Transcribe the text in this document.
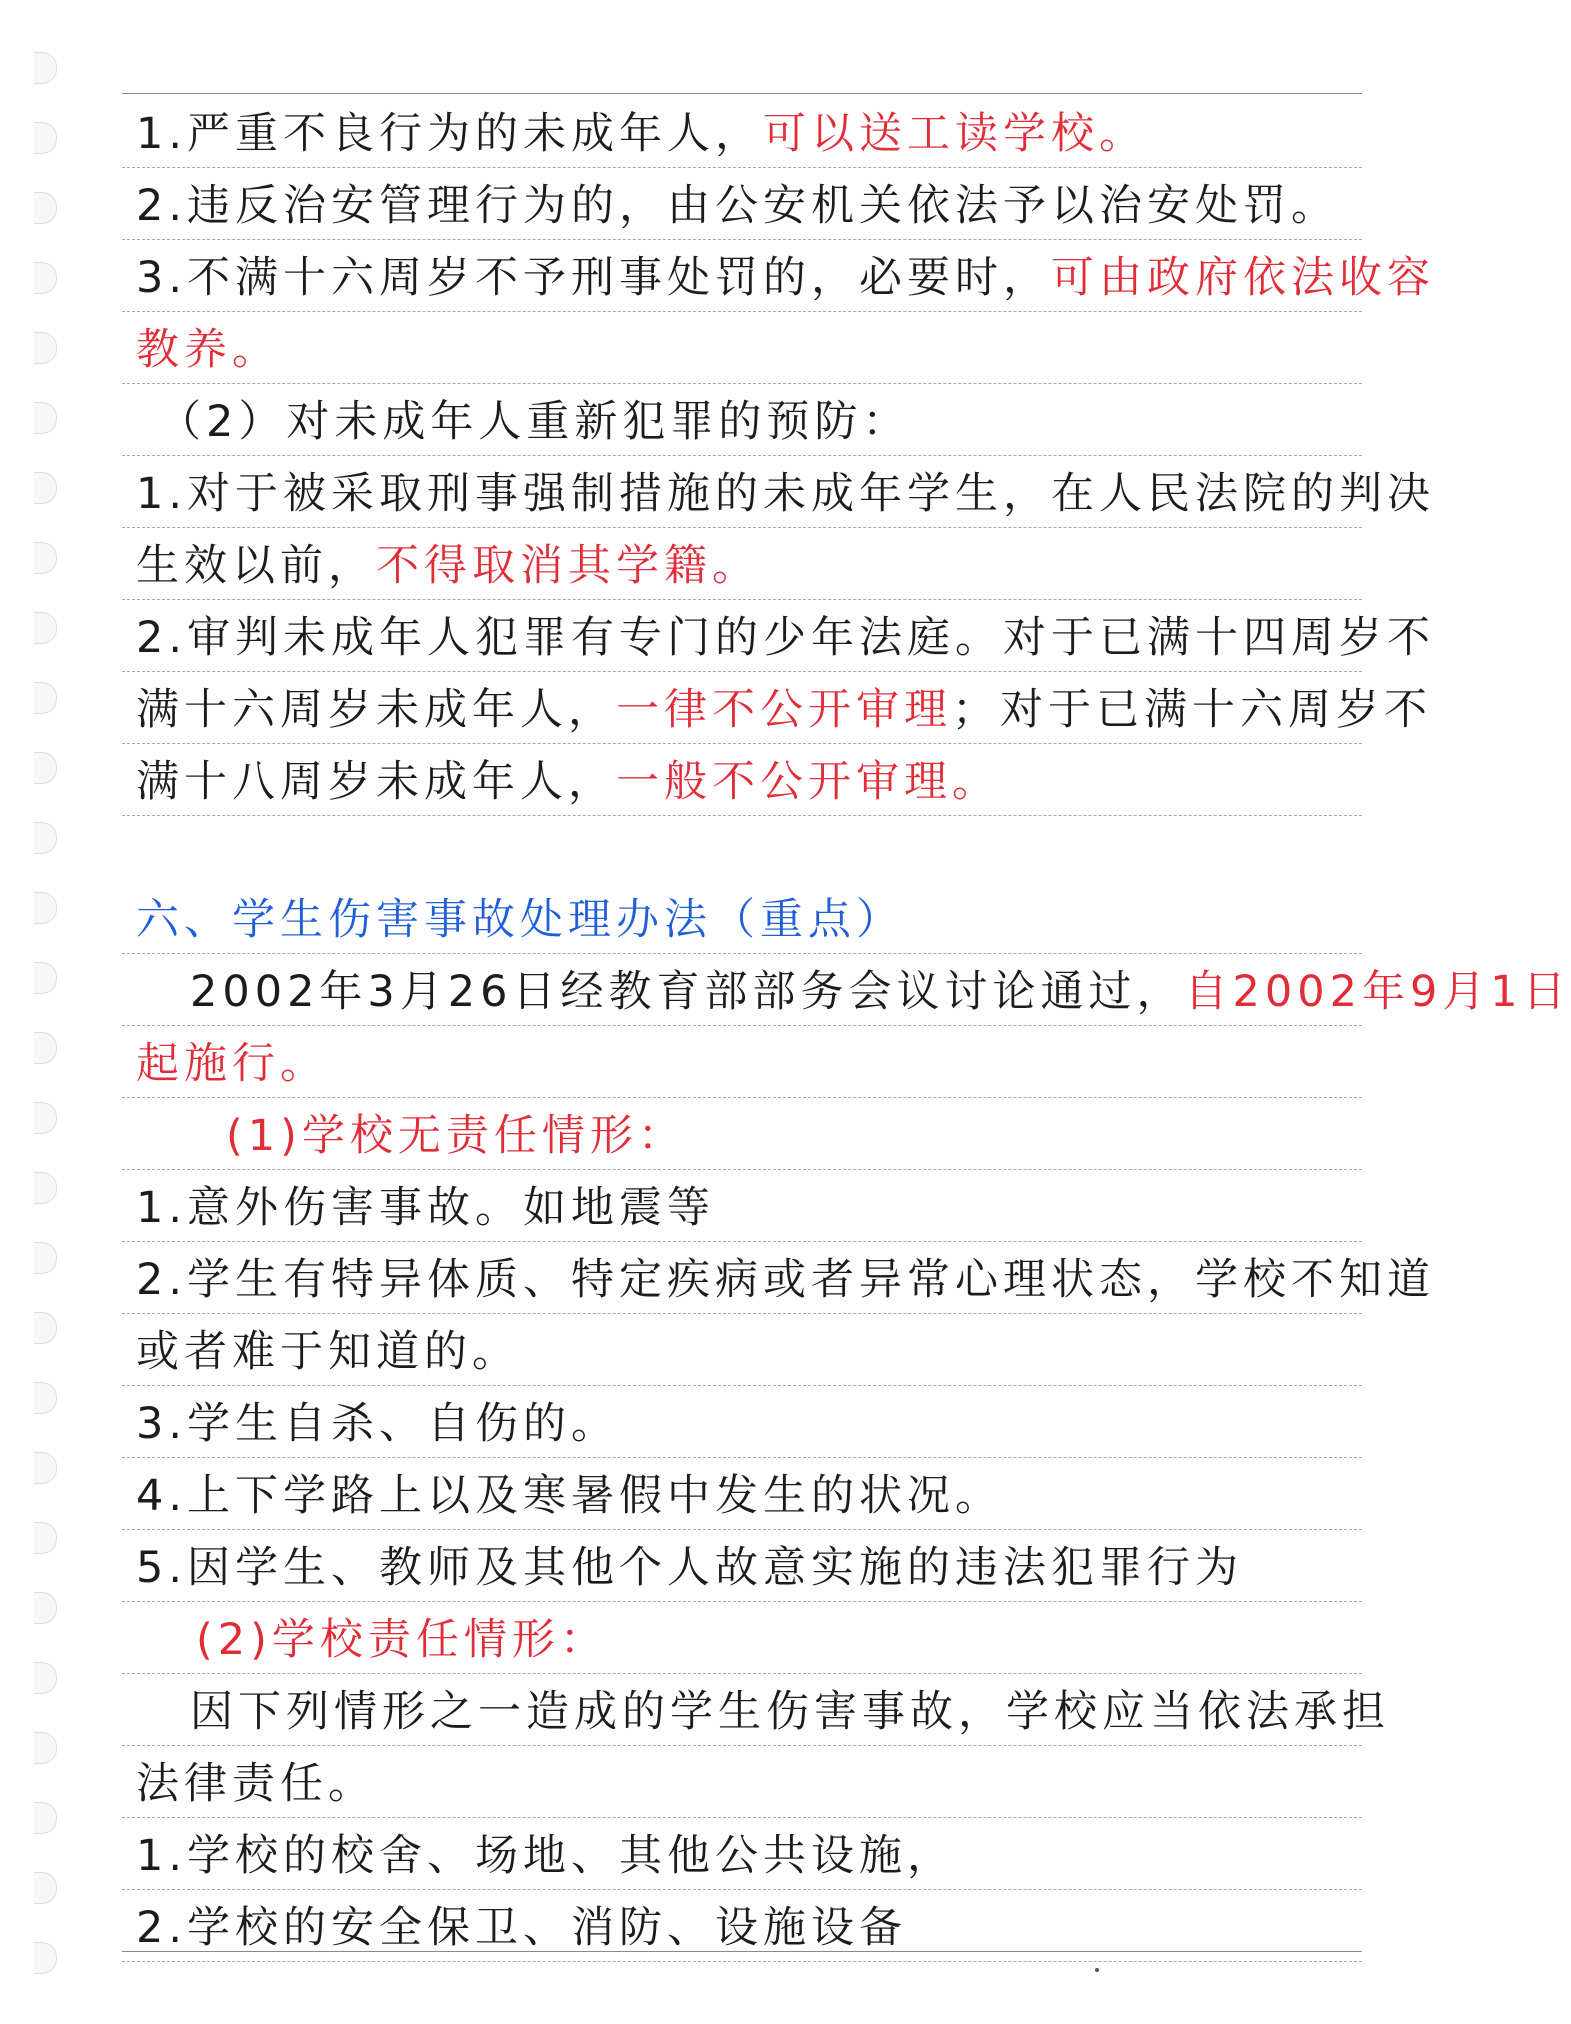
1.严重不良行为的未成年人，可以送工读学校。
2.违反治安管理行为的，由公安机关依法予以治安处罚。
3.不满十六周岁不予刑事处罚的，必要时，可由政府依法收容
教养。
（2）对未成年人重新犯罪的预防：
1.对于被采取刑事强制措施的未成年学生，在人民法院的判决
生效以前，不得取消其学籍。
2.审判未成年人犯罪有专门的少年法庭。对于已满十四周岁不
满十六周岁未成年人，一律不公开审理；对于已满十六周岁不
满十八周岁未成年人，一般不公开审理。
六、学生伤害事故处理办法（重点）
2002年3月26日经教育部部务会议讨论通过，自2002年9月1日
起施行。
(1)学校无责任情形：
1.意外伤害事故。如地震等
2.学生有特异体质、特定疾病或者异常心理状态，学校不知道
或者难于知道的。
3.学生自杀、自伤的。
4.上下学路上以及寒暑假中发生的状况。
5.因学生、教师及其他个人故意实施的违法犯罪行为
(2)学校责任情形：
因下列情形之一造成的学生伤害事故，学校应当依法承担
法律责任。
1.学校的校舍、场地、其他公共设施，
2.学校的安全保卫、消防、设施设备
